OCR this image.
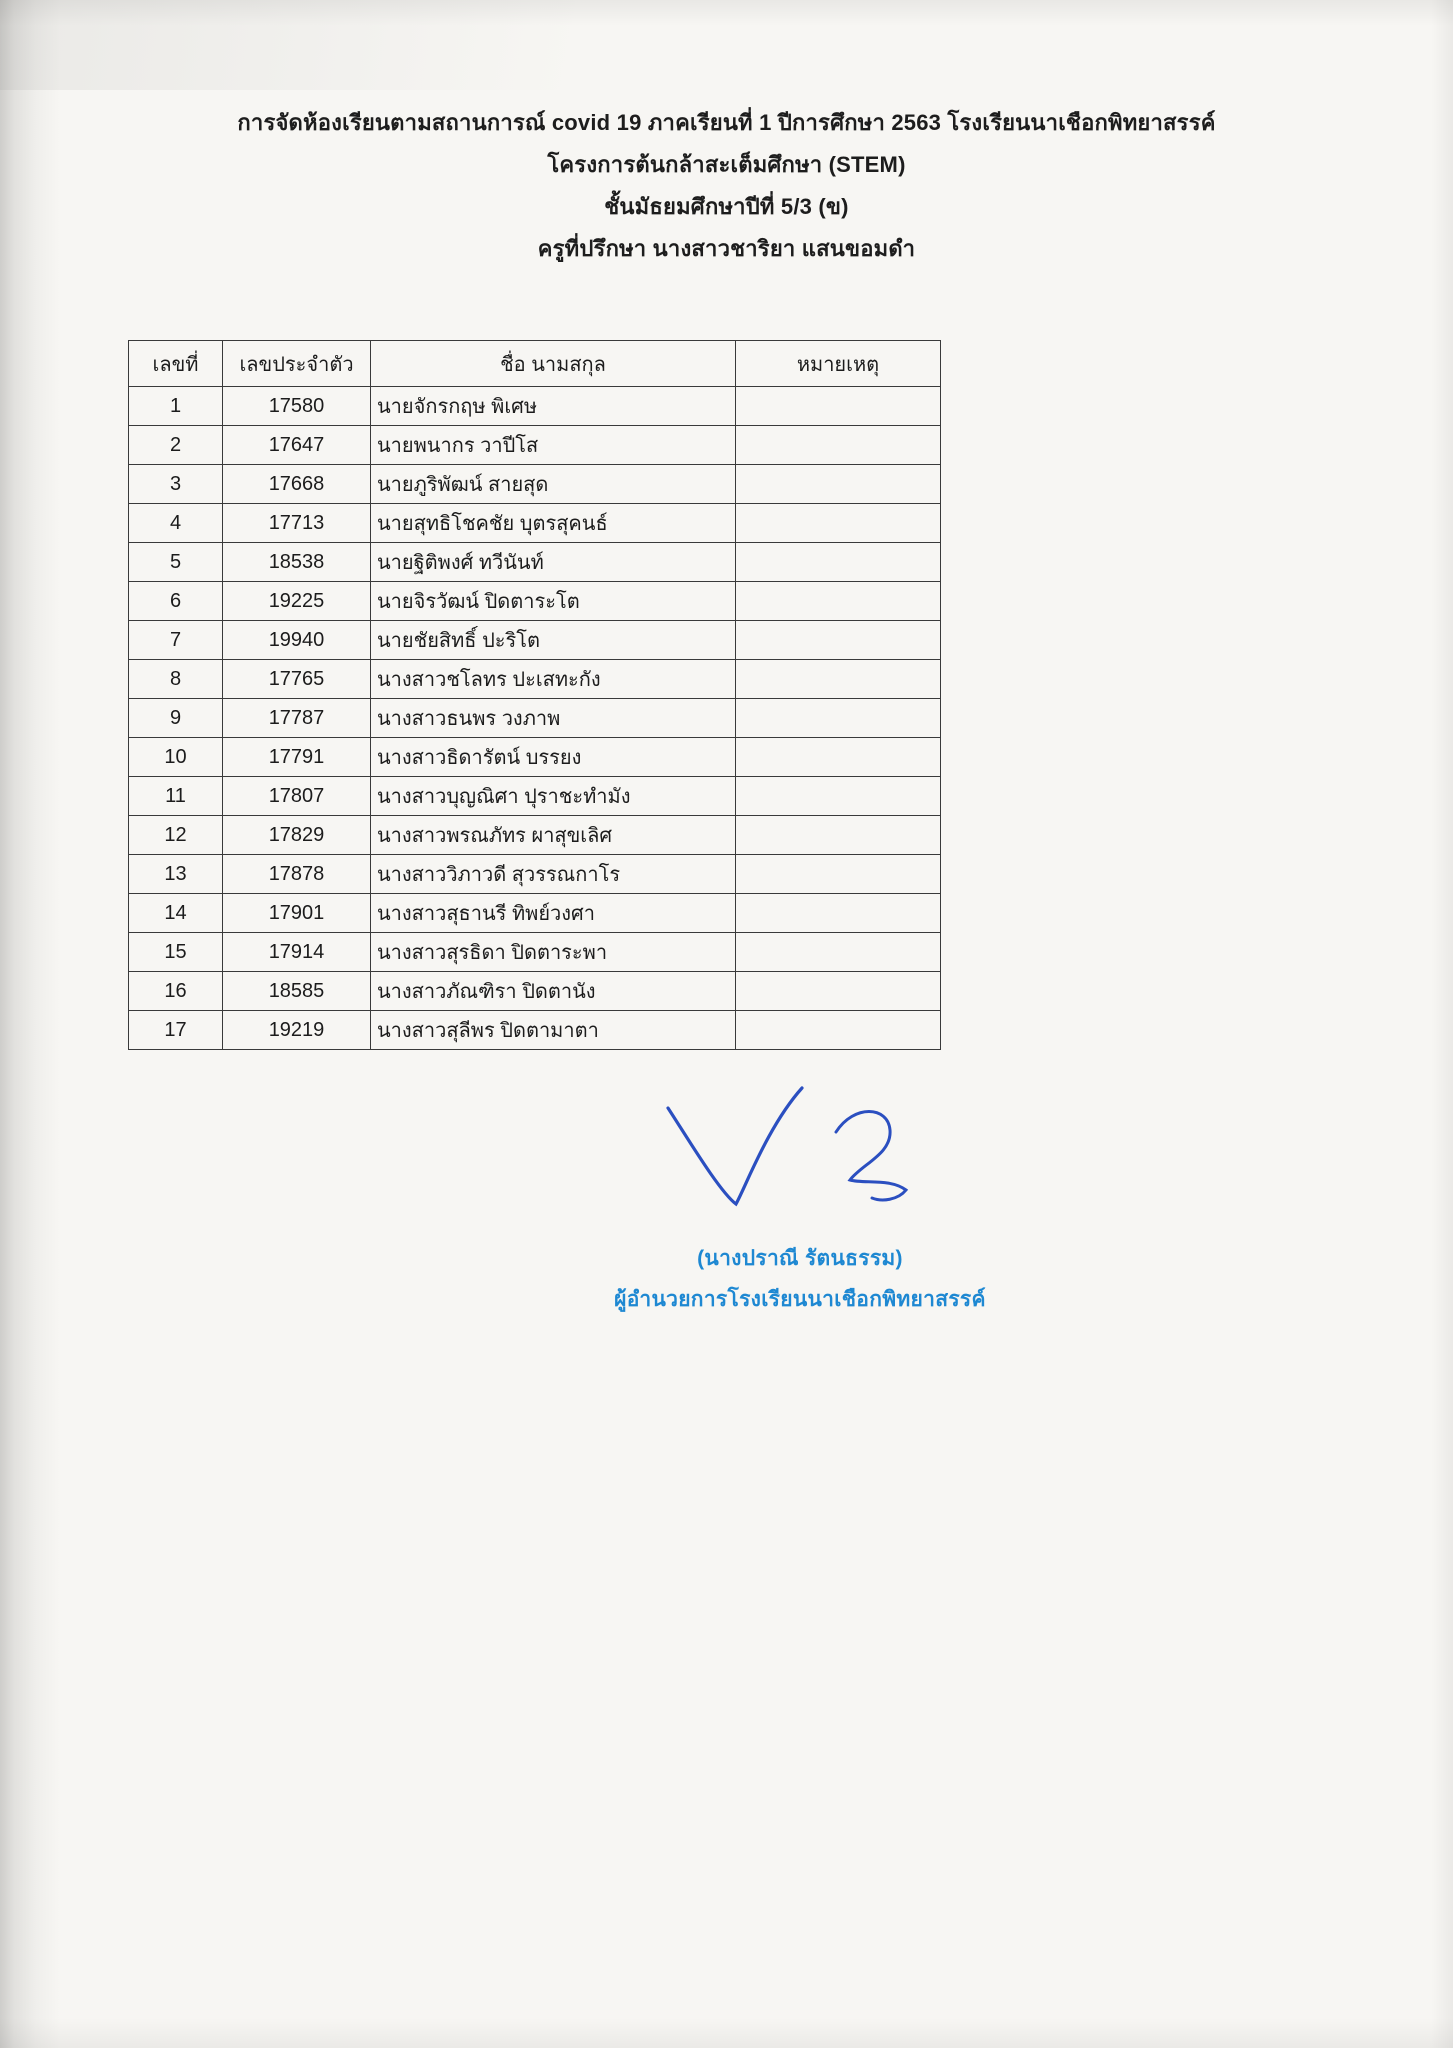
การจัดห้องเรียนตามสถานการณ์ covid 19 ภาคเรียนที่ 1 ปีการศึกษา 2563 โรงเรียนนาเชือกพิทยาสรรค์
โครงการต้นกล้าสะเต็มศึกษา (STEM)
ชั้นมัธยมศึกษาปีที่ 5/3 (ข)
ครูที่ปรึกษา นางสาวชาริยา แสนขอมดำ
เลขที่	เลขประจำตัว	ชื่อ นามสกุล	หมายเหตุ
1	17580	นายจักรกฤษ พิเศษ	
2	17647	นายพนากร วาปีโส	
3	17668	นายภูริพัฒน์ สายสุด	
4	17713	นายสุทธิโชคชัย บุตรสุคนธ์	
5	18538	นายฐิติพงศ์ ทวีนันท์	
6	19225	นายจิรวัฒน์ ปิดตาระโต	
7	19940	นายชัยสิทธิ์ ปะริโต	
8	17765	นางสาวชโลทร ปะเสทะกัง	
9	17787	นางสาวธนพร วงภาพ	
10	17791	นางสาวธิดารัตน์ บรรยง	
11	17807	นางสาวบุญณิศา ปุราชะทำมัง	
12	17829	นางสาวพรณภัทร ผาสุขเลิศ	
13	17878	นางสาววิภาวดี สุวรรณกาโร	
14	17901	นางสาวสุธานรี ทิพย์วงศา	
15	17914	นางสาวสุรธิดา ปิดตาระพา	
16	18585	นางสาวภัณฑิรา ปิดตานัง	
17	19219	นางสาวสุลีพร ปิดตามาตา	
(นางปราณี รัตนธรรม)
ผู้อำนวยการโรงเรียนนาเชือกพิทยาสรรค์
